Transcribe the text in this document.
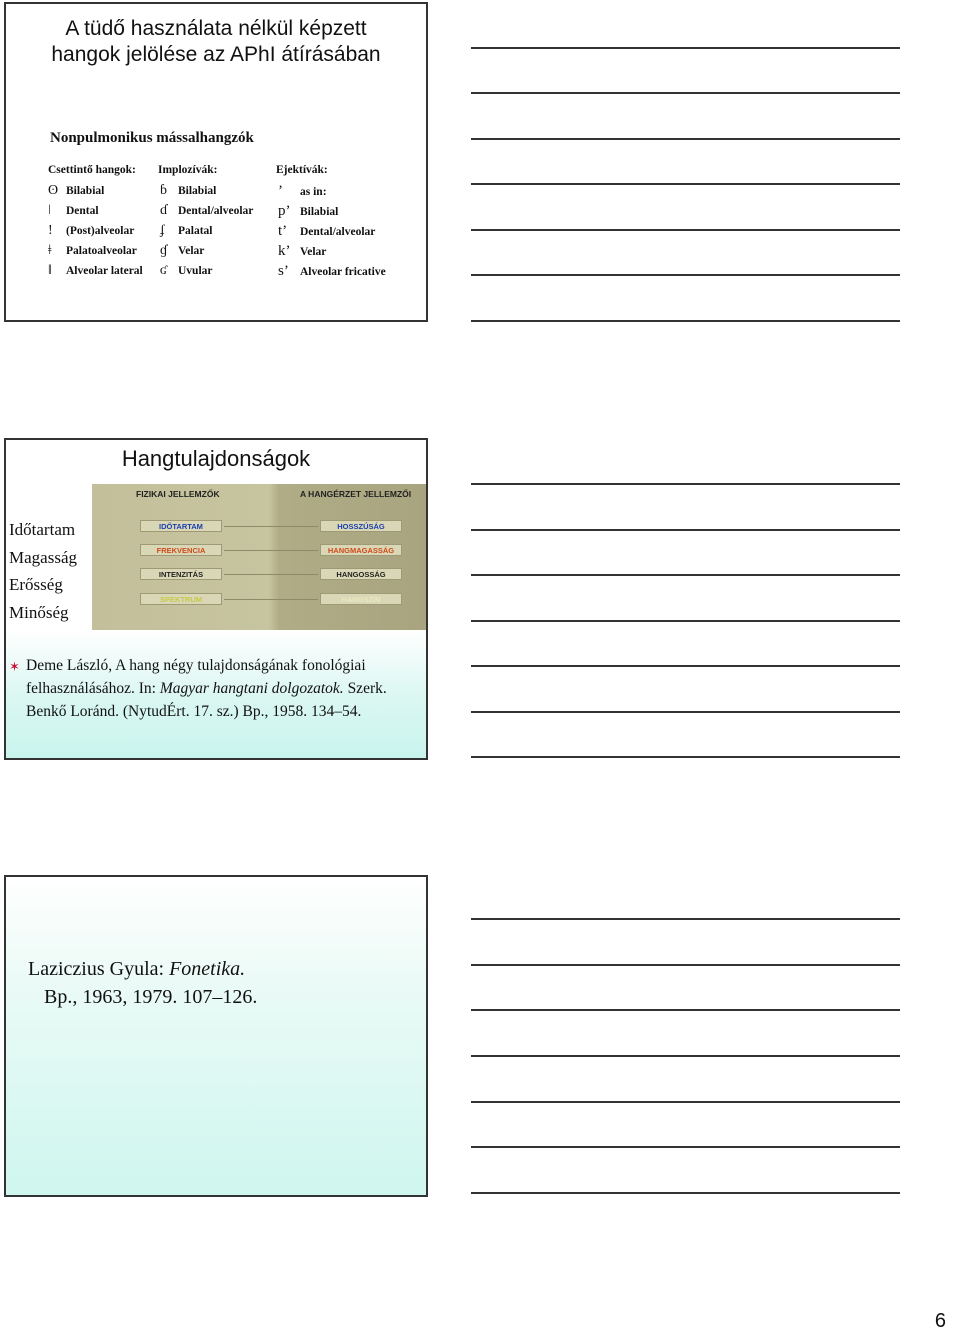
A tüdő használata nélkül képzett
hangok jelölése az APhI átírásában
Nonpulmonikus mássalhangzók
Csettintő hangok: Implozívák:	Ejektívák:
ʘ Bilabial
ǀ Dental
! (Post)alveolar
ǂ Palatoalveolar
ǁ Alveolar lateral
ɓ Bilabial
ɗ Dental/alveolar
ʄ Palatal
ɠ Velar
ʛ Uvular
’ as in:
p’ Bilabial
t’ Dental/alveolar
k’ Velar
s’ Alveolar fricative
Hangtulajdonságok
Időtartam
Magasság
Erősség
Minőség
FIZIKAI JELLEMZŐK	A HANGÉRZET JELLEMZŐI
IDŐTARTAM
FREKVENCIA
INTENZITÁS
SPEKTRUM
HOSSZÚSÁG
HANGMAGASSÁG
HANGOSSÁG
HANGSZÍN
✶ Deme László, A hang négy tulajdonságának fonológiai felhasználásához. In: Magyar hangtani dolgozatok. Szerk. Benkő Loránd. (NytudÉrt. 17. sz.) Bp., 1958. 134–54.
Laziczius Gyula: Fonetika.
Bp., 1963, 1979. 107–126.
6
